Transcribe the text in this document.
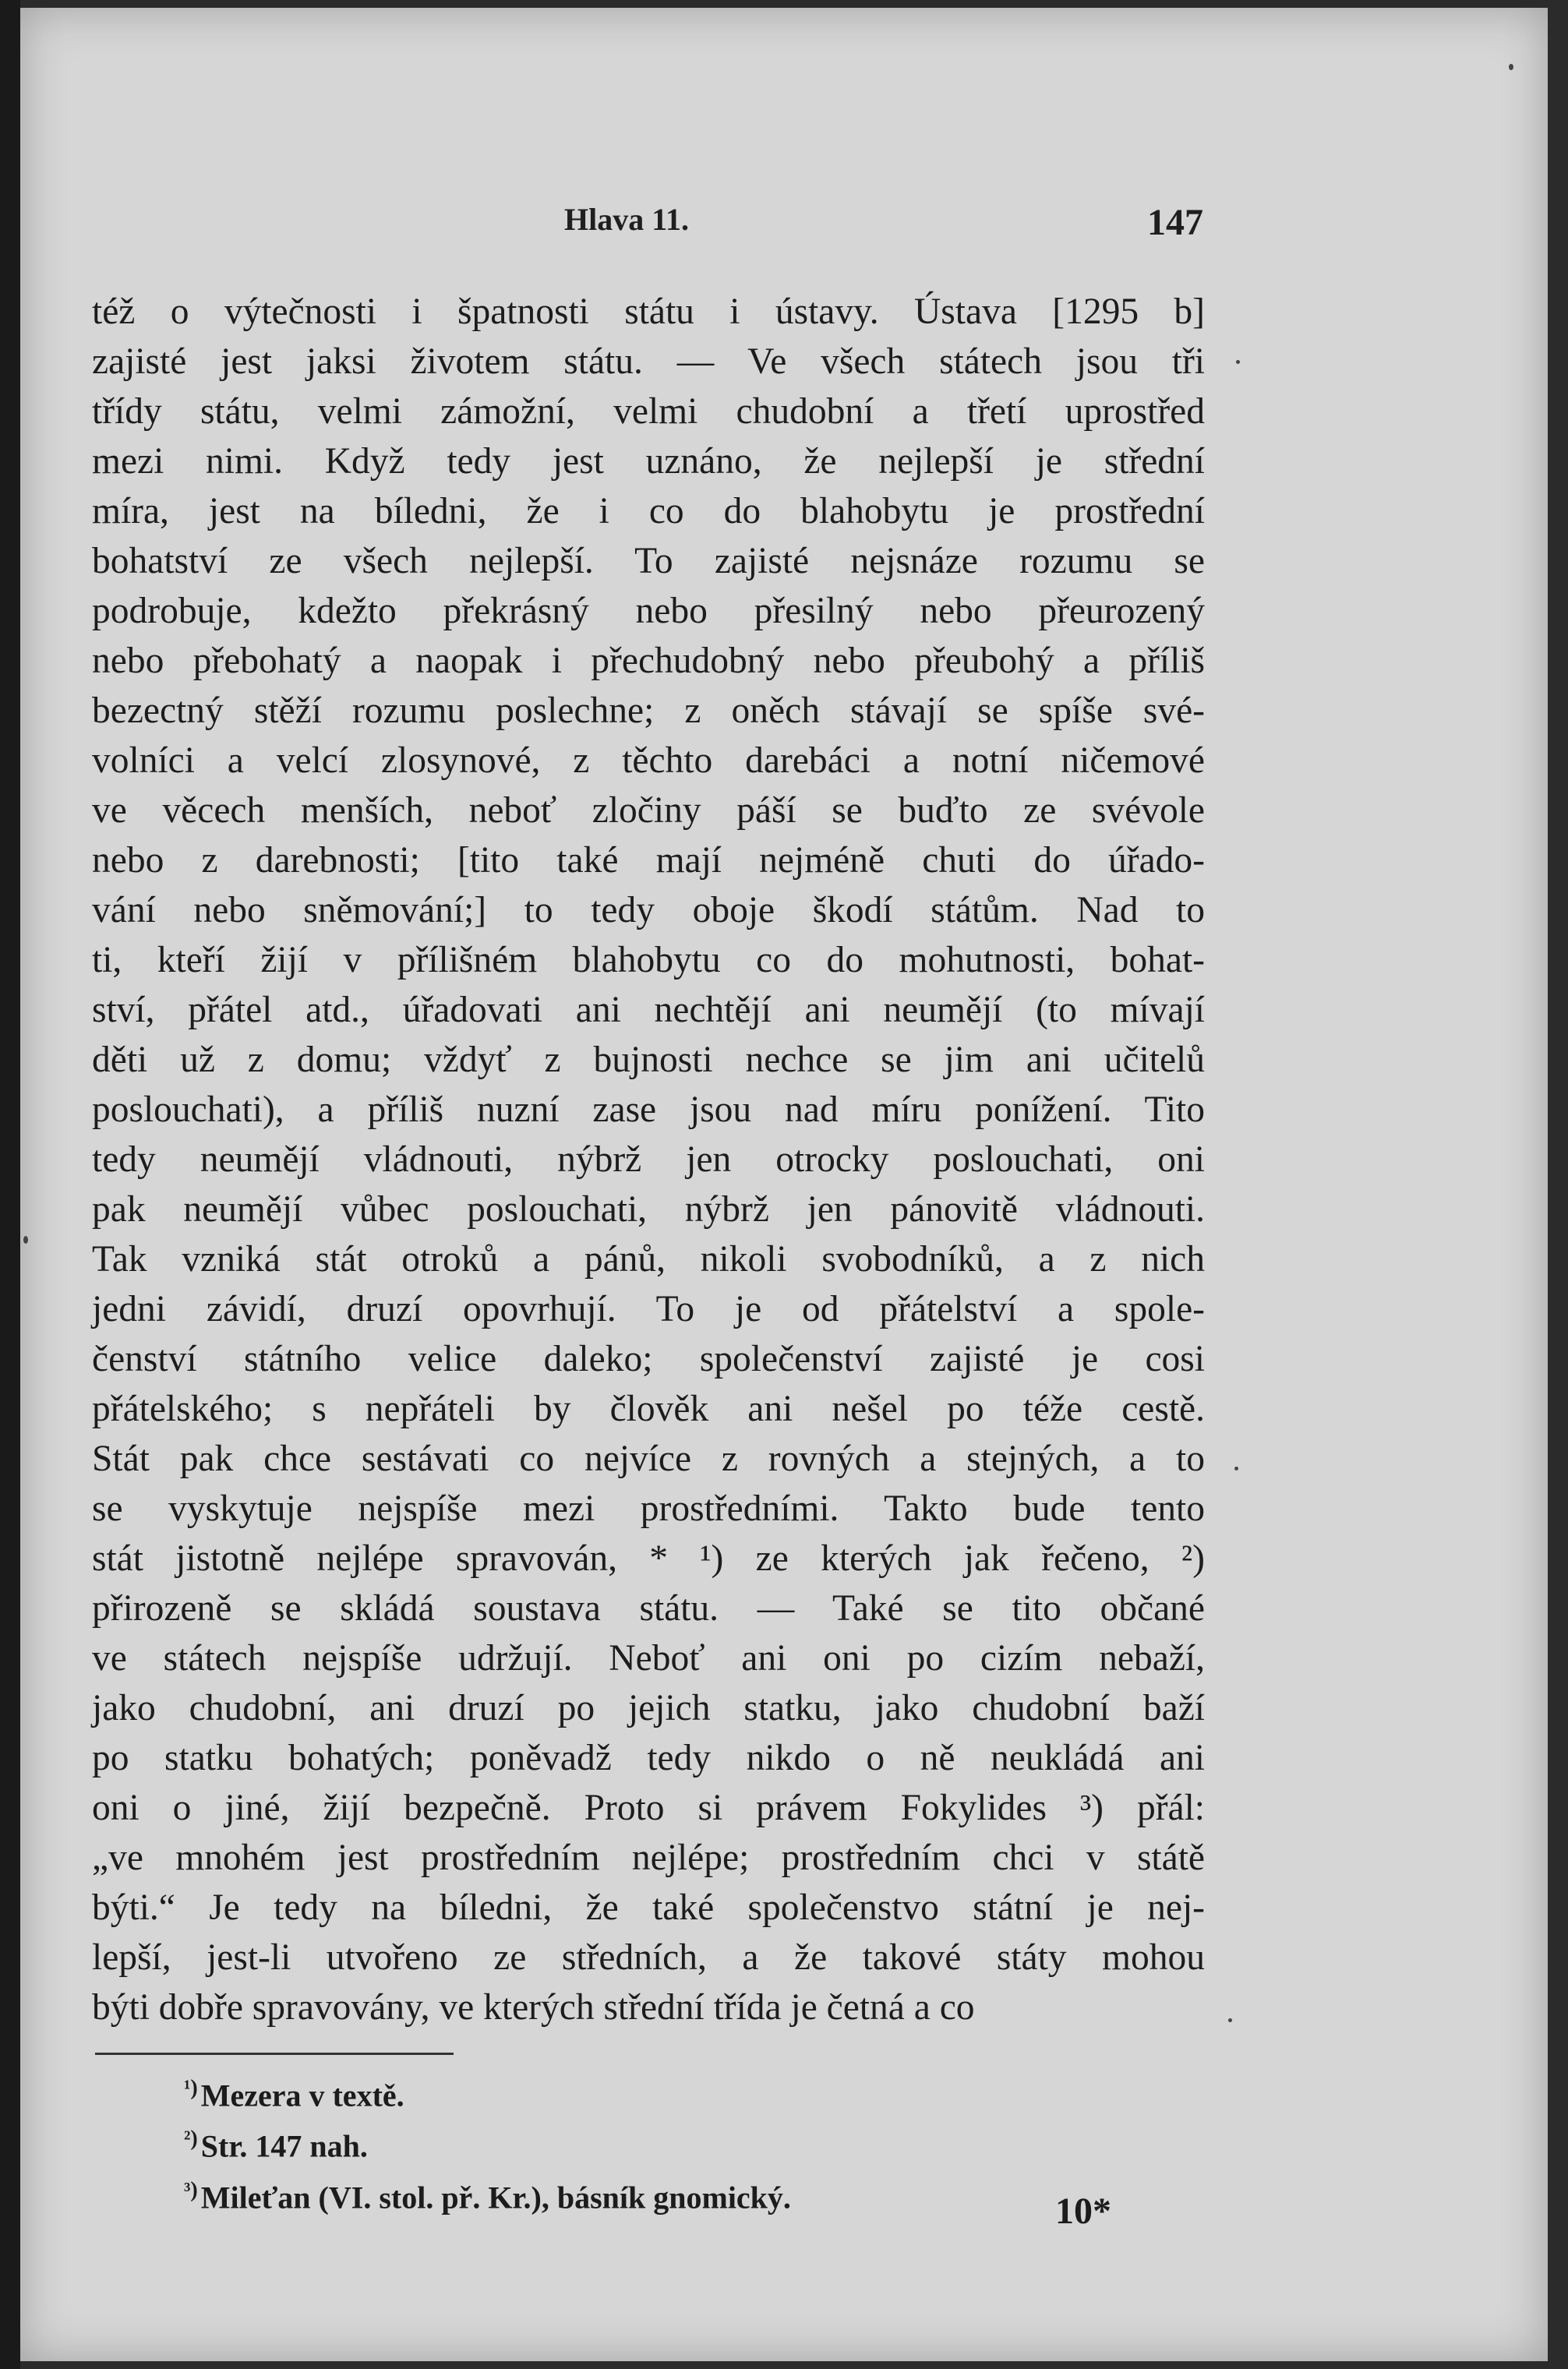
Hlava 11.	147
též o výtečnosti i špatnosti státu i ústavy. Ústava [1295 b]
zajisté jest jaksi životem státu. — Ve všech státech jsou tři
třídy státu, velmi zámožní, velmi chudobní a třetí uprostřed
mezi nimi. Když tedy jest uznáno, že nejlepší je střední
míra, jest na bíledni, že i co do blahobytu je prostřední
bohatství ze všech nejlepší. To zajisté nejsnáze rozumu se
podrobuje, kdežto překrásný nebo přesilný nebo přeurozený
nebo přebohatý a naopak i přechudobný nebo přeubohý a příliš
bezectný stěží rozumu poslechne; z oněch stávají se spíše své-
volníci a velcí zlosynové, z těchto darebáci a notní ničemové
ve věcech menších, neboť zločiny páší se buďto ze svévole
nebo z darebnosti; [tito také mají nejméně chuti do úřado-
vání nebo sněmování;] to tedy oboje škodí státům. Nad to
ti, kteří žijí v přílišném blahobytu co do mohutnosti, bohat-
ství, přátel atd., úřadovati ani nechtějí ani neumějí (to mívají
děti už z domu; vždyť z bujnosti nechce se jim ani učitelů
poslouchati), a příliš nuzní zase jsou nad míru ponížení. Tito
tedy neumějí vládnouti, nýbrž jen otrocky poslouchati, oni
pak neumějí vůbec poslouchati, nýbrž jen pánovitě vládnouti.
Tak vzniká stát otroků a pánů, nikoli svobodníků, a z nich
jedni závidí, druzí opovrhují. To je od přátelství a spole-
čenství státního velice daleko; společenství zajisté je cosi
přátelského; s nepřáteli by člověk ani nešel po téže cestě.
Stát pak chce sestávati co nejvíce z rovných a stejných, a to
se vyskytuje nejspíše mezi prostředními. Takto bude tento
stát jistotně nejlépe spravován, * ¹) ze kterých jak řečeno, ²)
přirozeně se skládá soustava státu. — Také se tito občané
ve státech nejspíše udržují. Neboť ani oni po cizím nebaží,
jako chudobní, ani druzí po jejich statku, jako chudobní baží
po statku bohatých; poněvadž tedy nikdo o ně neukládá ani
oni o jiné, žijí bezpečně. Proto si právem Fokylides ³) přál:
„ve mnohém jest prostředním nejlépe; prostředním chci v státě
býti.“ Je tedy na bíledni, že také společenstvo státní je nej-
lepší, jest-li utvořeno ze středních, a že takové státy mohou
býti dobře spravovány, ve kterých střední třída je četná a co
$^{^1)}$ Mezera v textě.
$^{^2)}$ Str. 147 nah.
$^{^3)}$ Mileťan (VI. stol. př. Kr.), básník gnomický.	10*
